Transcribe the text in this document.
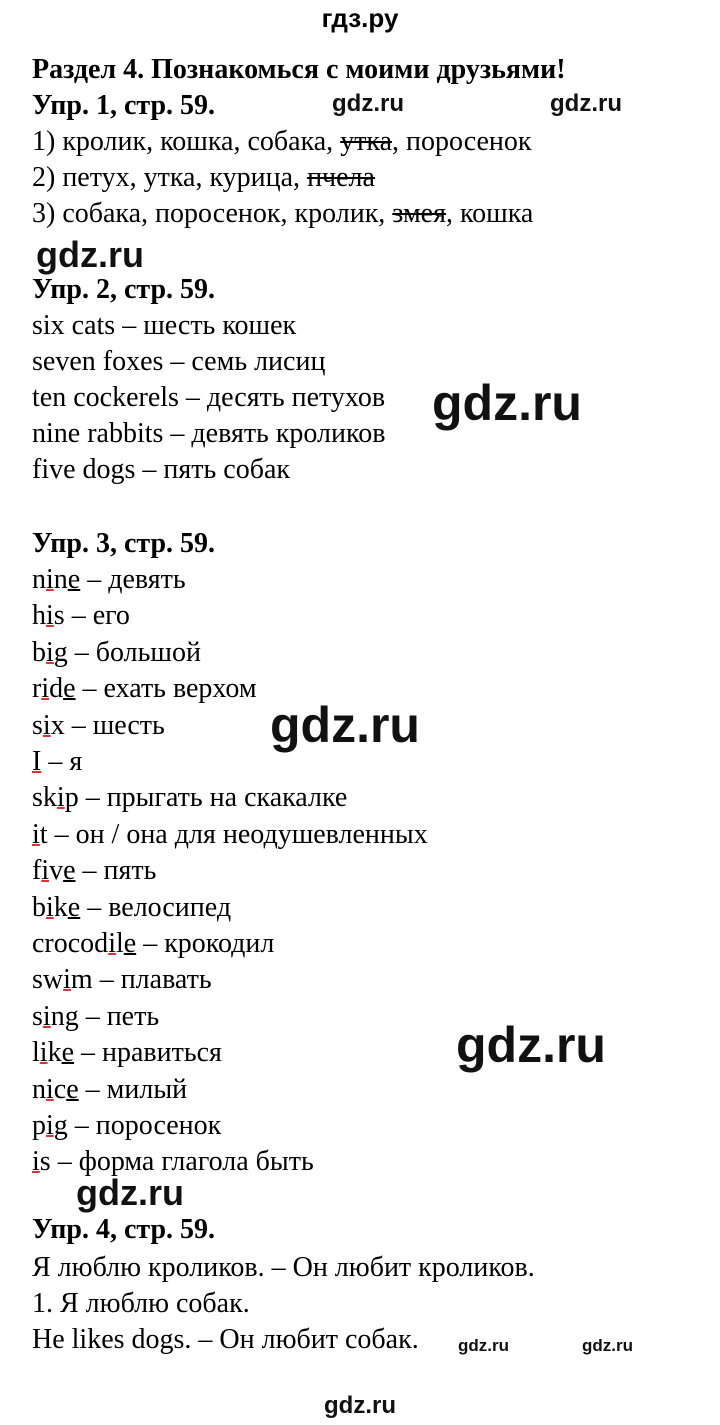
гдз.ру
Раздел 4. Познакомься с моими друзьями!
Упр. 1, стр. 59.	gdz.ru	gdz.ru
1) кролик, кошка, собака, утка, поросенок
2) петух, утка, курица, пчела
3) собака, поросенок, кролик, змея, кошка
gdz.ru
Упр. 2, стр. 59.
six cats – шесть кошек
seven foxes – семь лисиц
ten cockerels – десять петухов
nine rabbits – девять кроликов
five dogs – пять собак
gdz.ru
Упр. 3, стр. 59.
nine – девять
his – его
big – большой
ride – ехать верхом
six – шесть
I – я
skip – прыгать на скакалке
it – он / она для неодушевленных
five – пять
bike – велосипед
crocodile – крокодил
swim – плавать
sing – петь
like – нравиться
nice – милый
pig – поросенок
is – форма глагола быть
gdz.ru
gdz.ru
gdz.ru
Упр. 4, стр. 59.
Я люблю кроликов. – Он любит кроликов.
1. Я люблю собак.
He likes dogs. – Он любит собак. gdz.ru	gdz.ru
gdz.ru
